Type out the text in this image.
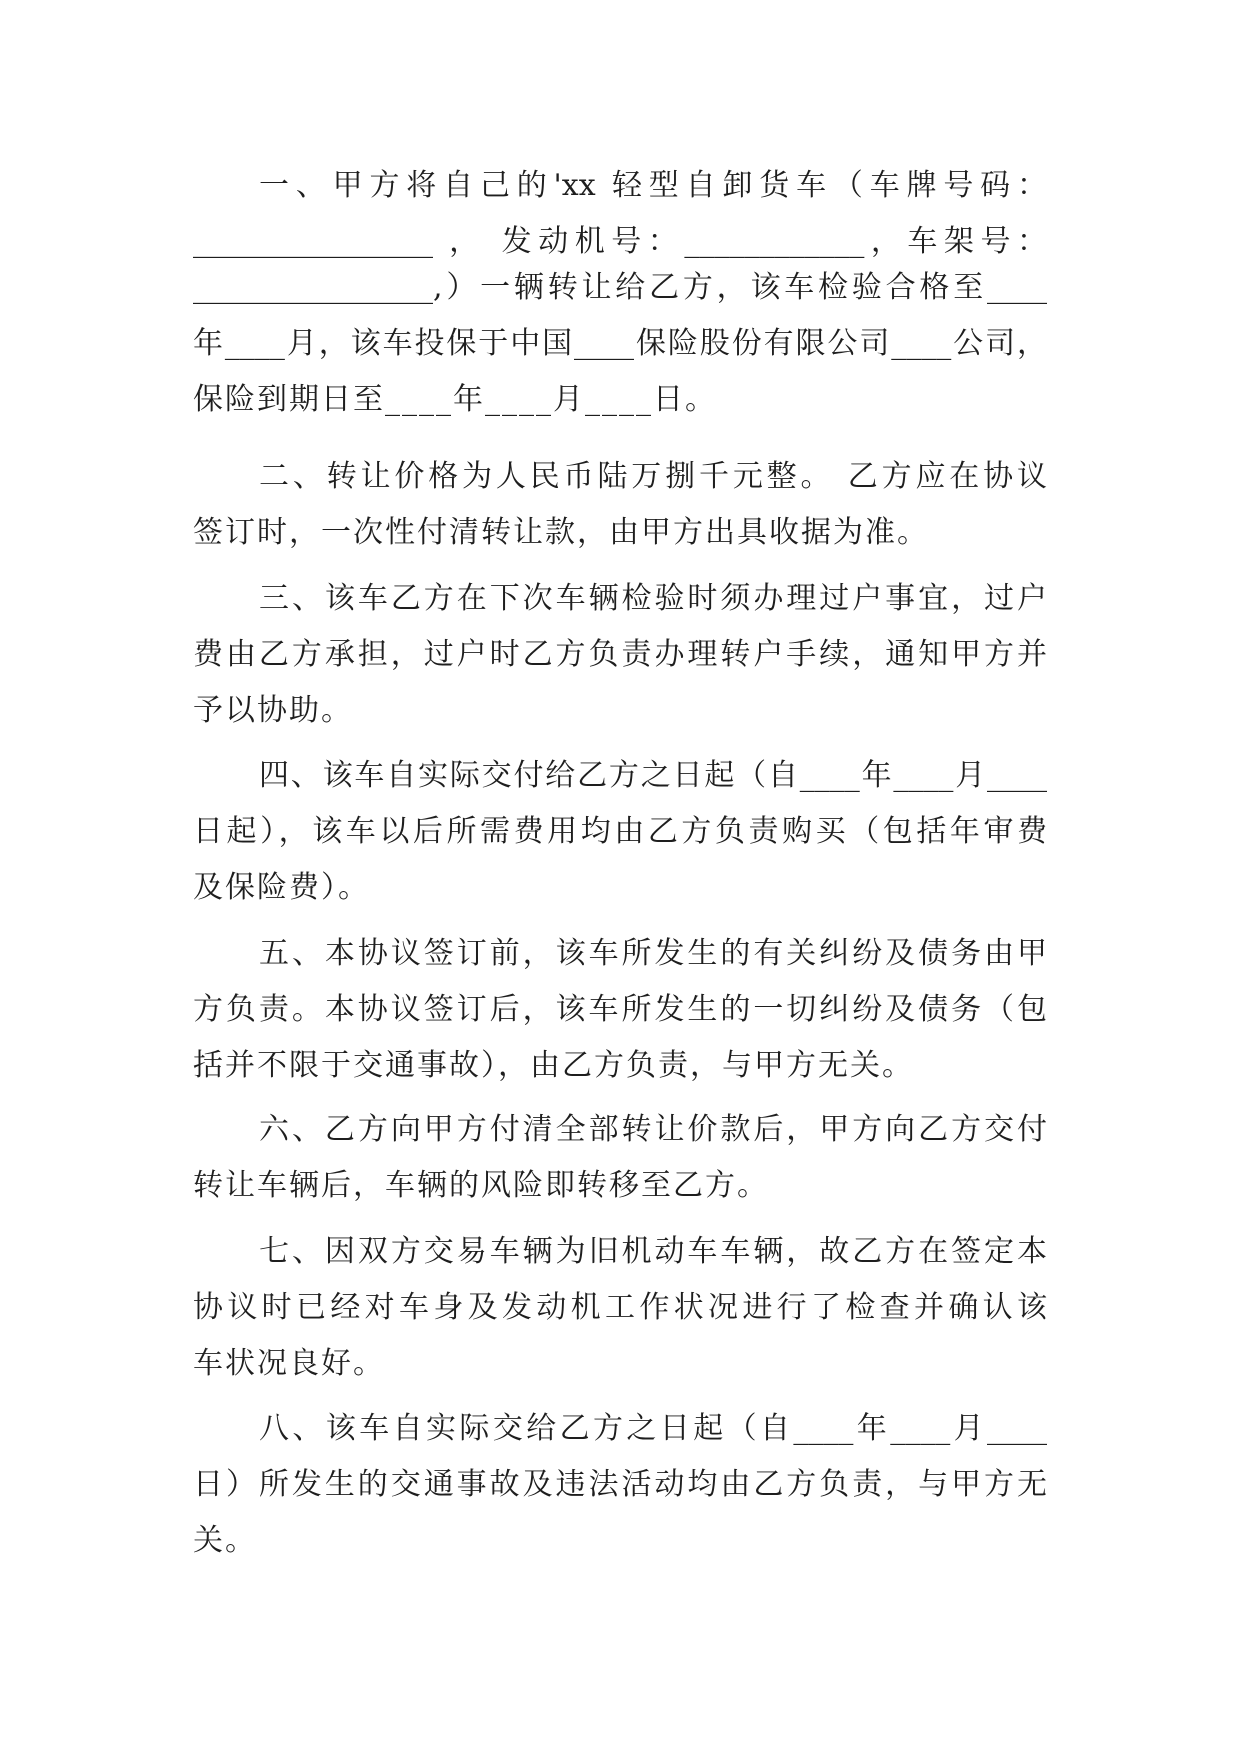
一、甲方将自己的'xx 轻型自卸货车（车牌号码：
________________ ， 发动机号：____________，车架号：
________________,）一辆转让给乙方，该车检验合格至____
年____月，该车投保于中国____保险股份有限公司____公司，
保险到期日至____年____月____日。
二、转让价格为人民币陆万捌千元整。 乙方应在协议
签订时，一次性付清转让款，由甲方出具收据为准。
三、该车乙方在下次车辆检验时须办理过户事宜，过户
费由乙方承担，过户时乙方负责办理转户手续，通知甲方并
予以协助。
四、该车自实际交付给乙方之日起（自____年____月____
日起），该车以后所需费用均由乙方负责购买（包括年审费
及保险费）。
五、本协议签订前，该车所发生的有关纠纷及债务由甲
方负责。本协议签订后，该车所发生的一切纠纷及债务（包
括并不限于交通事故），由乙方负责，与甲方无关。
六、乙方向甲方付清全部转让价款后，甲方向乙方交付
转让车辆后，车辆的风险即转移至乙方。
七、因双方交易车辆为旧机动车车辆，故乙方在签定本
协议时已经对车身及发动机工作状况进行了检查并确认该
车状况良好。
八、该车自实际交给乙方之日起（自____年____月____
日）所发生的交通事故及违法活动均由乙方负责，与甲方无
关。
